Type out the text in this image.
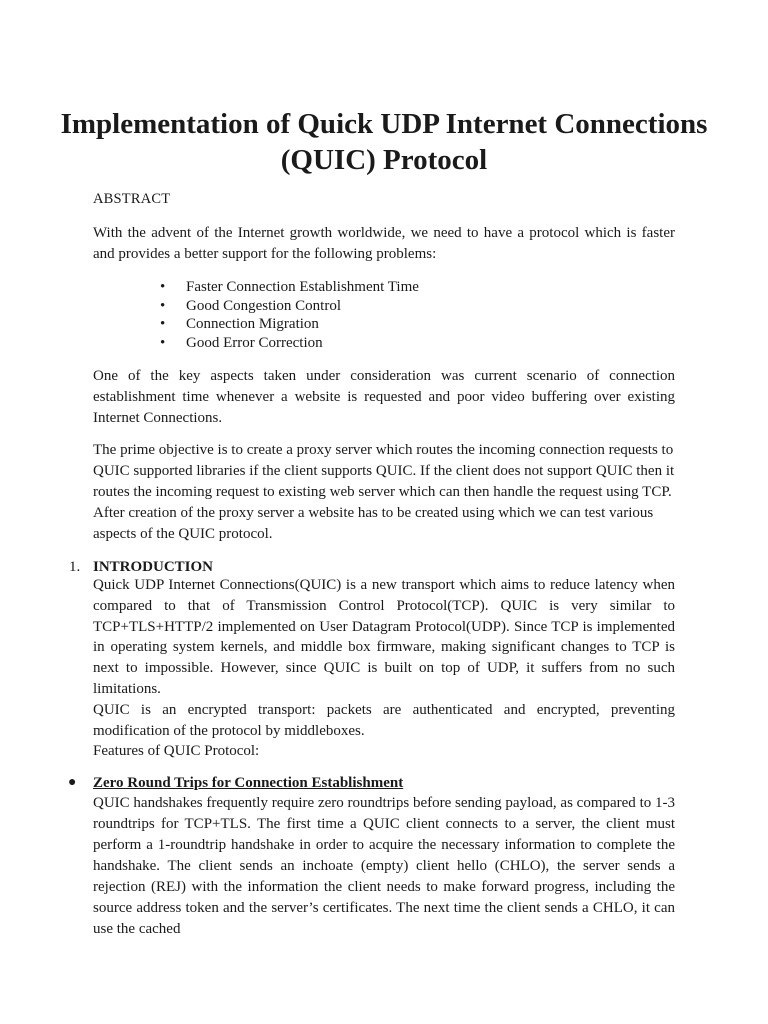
Implementation of Quick UDP Internet Connections (QUIC) Protocol
ABSTRACT

With the advent of the Internet growth worldwide, we need to have a protocol which is faster and provides a better support for the following problems:

• Faster Connection Establishment Time
• Good Congestion Control
• Connection Migration
• Good Error Correction

One of the key aspects taken under consideration was current scenario of connection establishment time whenever a website is requested and poor video buffering over existing Internet Connections.

The prime objective is to create a proxy server which routes the incoming connection requests to QUIC supported libraries if the client supports QUIC. If the client does not support QUIC then it routes the incoming request to existing web server which can then handle the request using TCP. After creation of the proxy server a website has to be created using which we can test various aspects of the QUIC protocol.

1. INTRODUCTION

Quick UDP Internet Connections(QUIC) is a new transport which aims to reduce latency when compared to that of Transmission Control Protocol(TCP). QUIC is very similar to TCP+TLS+HTTP/2 implemented on User Datagram Protocol(UDP). Since TCP is implemented in operating system kernels, and middle box firmware, making significant changes to TCP is next to impossible. However, since QUIC is built on top of UDP, it suffers from no such limitations.

QUIC is an encrypted transport: packets are authenticated and encrypted, preventing modification of the protocol by middleboxes.

Features of QUIC Protocol:

● Zero Round Trips for Connection Establishment

QUIC handshakes frequently require zero roundtrips before sending payload, as compared to 1-3 roundtrips for TCP+TLS. The first time a QUIC client connects to a server, the client must perform a 1-roundtrip handshake in order to acquire the necessary information to complete the handshake. The client sends an inchoate (empty) client hello (CHLO), the server sends a rejection (REJ) with the information the client needs to make forward progress, including the source address token and the server’s certificates. The next time the client sends a CHLO, it can use the cached
